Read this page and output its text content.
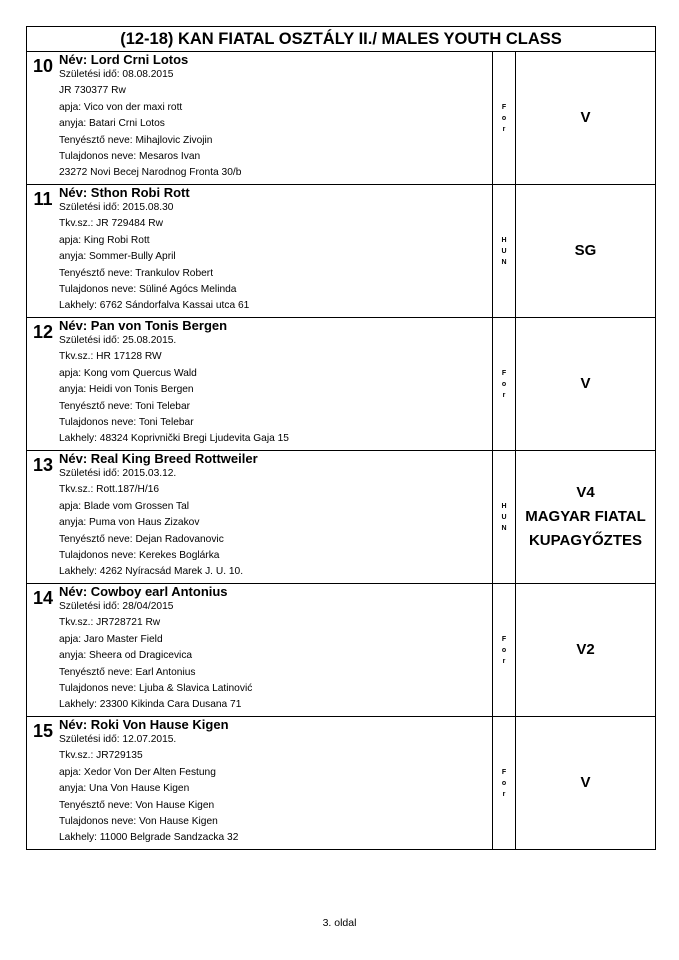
(12-18) KAN FIATAL OSZTÁLY II./ MALES YOUTH CLASS
10 Név: Lord Crni Lotos
Születési idő: 08.08.2015
JR 730377 Rw
apja: Vico von der maxi rott
anyja: Batari Crni Lotos
Tenyésztő neve: Mihajlovic Zivojin
Tulajdonos neve: Mesaros Ivan
23272 Novi Becej Narodnog Fronta 30/b
F
o
r
V
11 Név: Sthon Robi Rott
Születési idő: 2015.08.30
Tkv.sz.: JR 729484 Rw
apja: King Robi Rott
anyja: Sommer-Bully April
Tenyésztő neve: Trankulov Robert
Tulajdonos neve: Süliné Agócs Melinda
Lakhely: 6762 Sándorfalva Kassai utca 61
H
U
N
SG
12 Név: Pan von Tonis Bergen
Születési idő: 25.08.2015.
Tkv.sz.: HR 17128 RW
apja: Kong vom Quercus Wald
anyja: Heidi von Tonis Bergen
Tenyésztő neve: Toni Telebar
Tulajdonos neve: Toni Telebar
Lakhely: 48324 Koprivnički Bregi Ljudevita Gaja 15
F
o
r
V
13 Név: Real King Breed Rottweiler
Születési idő: 2015.03.12.
Tkv.sz.: Rott.187/H/16
apja: Blade vom Grossen Tal
anyja: Puma von Haus Zizakov
Tenyésztő neve: Dejan Radovanovic
Tulajdonos neve: Kerekes Boglárka
Lakhely: 4262 Nyíracsád Marek J. U. 10.
H
U
N
V4
MAGYAR FIATAL
KUPAGYŐZTES
14 Név: Cowboy earl Antonius
Születési idő: 28/04/2015
Tkv.sz.: JR728721 Rw
apja: Jaro Master Field
anyja: Sheera od Dragicevica
Tenyésztő neve: Earl Antonius
Tulajdonos neve: Ljuba & Slavica Latinović
Lakhely: 23300 Kikinda Cara Dusana 71
F
o
r
V2
15 Név: Roki Von Hause Kigen
Születési idő: 12.07.2015.
Tkv.sz.: JR729135
apja: Xedor Von Der Alten Festung
anyja: Una Von Hause Kigen
Tenyésztő neve: Von Hause Kigen
Tulajdonos neve: Von Hause Kigen
Lakhely: 11000 Belgrade Sandzacka 32
F
o
r
V
3. oldal
